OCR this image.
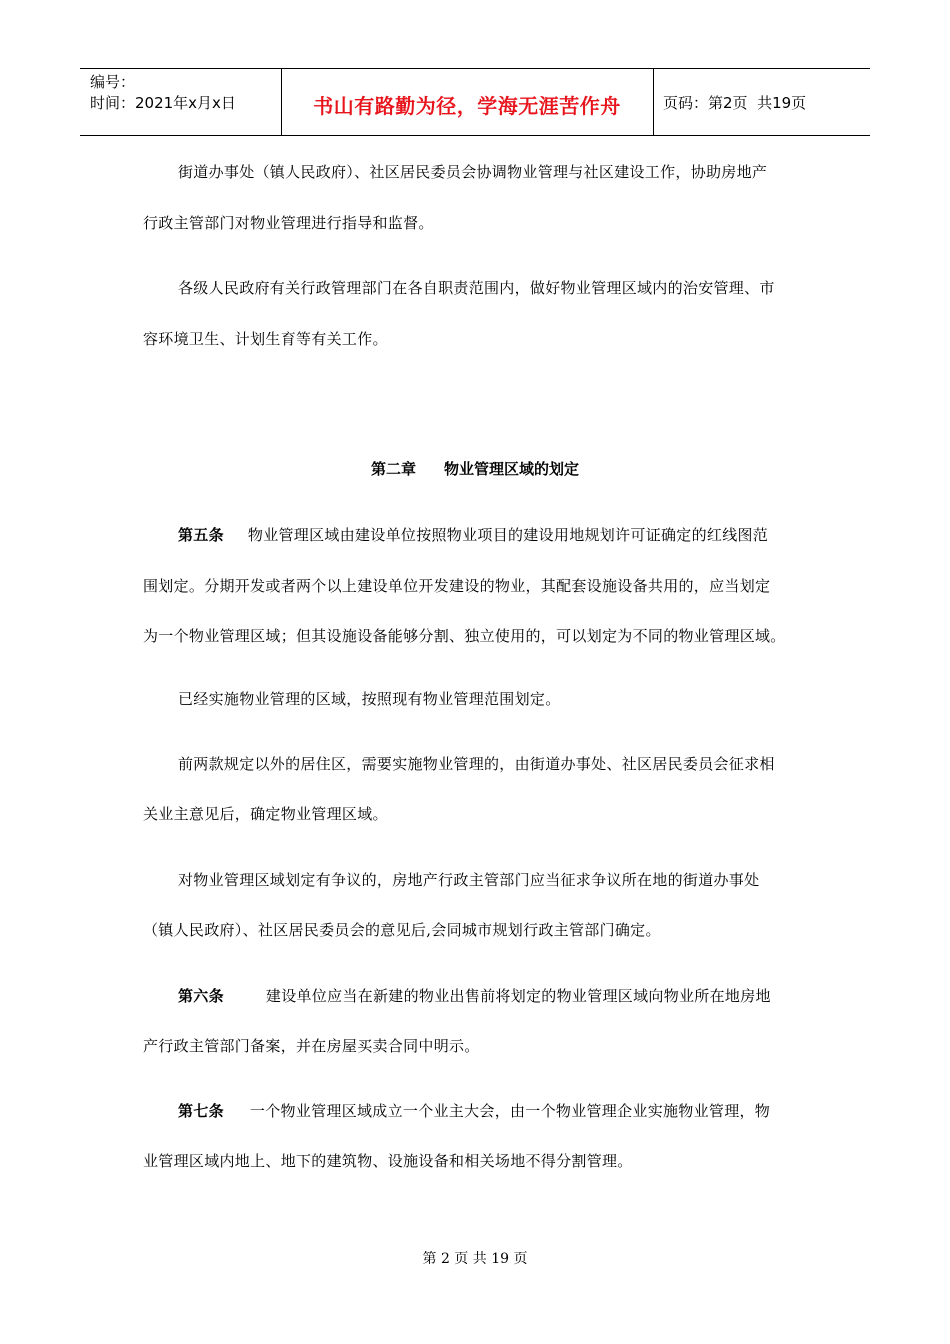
编号：
时间：2021年x月x日	书山有路勤为径，学海无涯苦作舟	页码：第2页  共19页

街道办事处（镇人民政府）、社区居民委员会协调物业管理与社区建设工作，协助房地产

行政主管部门对物业管理进行指导和监督。

各级人民政府有关行政管理部门在各自职责范围内，做好物业管理区域内的治安管理、市

容环境卫生、计划生育等有关工作。

第二章 物业管理区域的划定

第五条 物业管理区域由建设单位按照物业项目的建设用地规划许可证确定的红线图范

围划定。分期开发或者两个以上建设单位开发建设的物业，其配套设施设备共用的，应当划定

为一个物业管理区域；但其设施设备能够分割、独立使用的，可以划定为不同的物业管理区域。

已经实施物业管理的区域，按照现有物业管理范围划定。

前两款规定以外的居住区，需要实施物业管理的，由街道办事处、社区居民委员会征求相

关业主意见后，确定物业管理区域。

对物业管理区域划定有争议的，房地产行政主管部门应当征求争议所在地的街道办事处

（镇人民政府）、社区居民委员会的意见后,会同城市规划行政主管部门确定。

第六条	建设单位应当在新建的物业出售前将划定的物业管理区域向物业所在地房地

产行政主管部门备案，并在房屋买卖合同中明示。

第七条 一个物业管理区域成立一个业主大会，由一个物业管理企业实施物业管理，物

业管理区域内地上、地下的建筑物、设施设备和相关场地不得分割管理。

第 2 页 共 19 页
